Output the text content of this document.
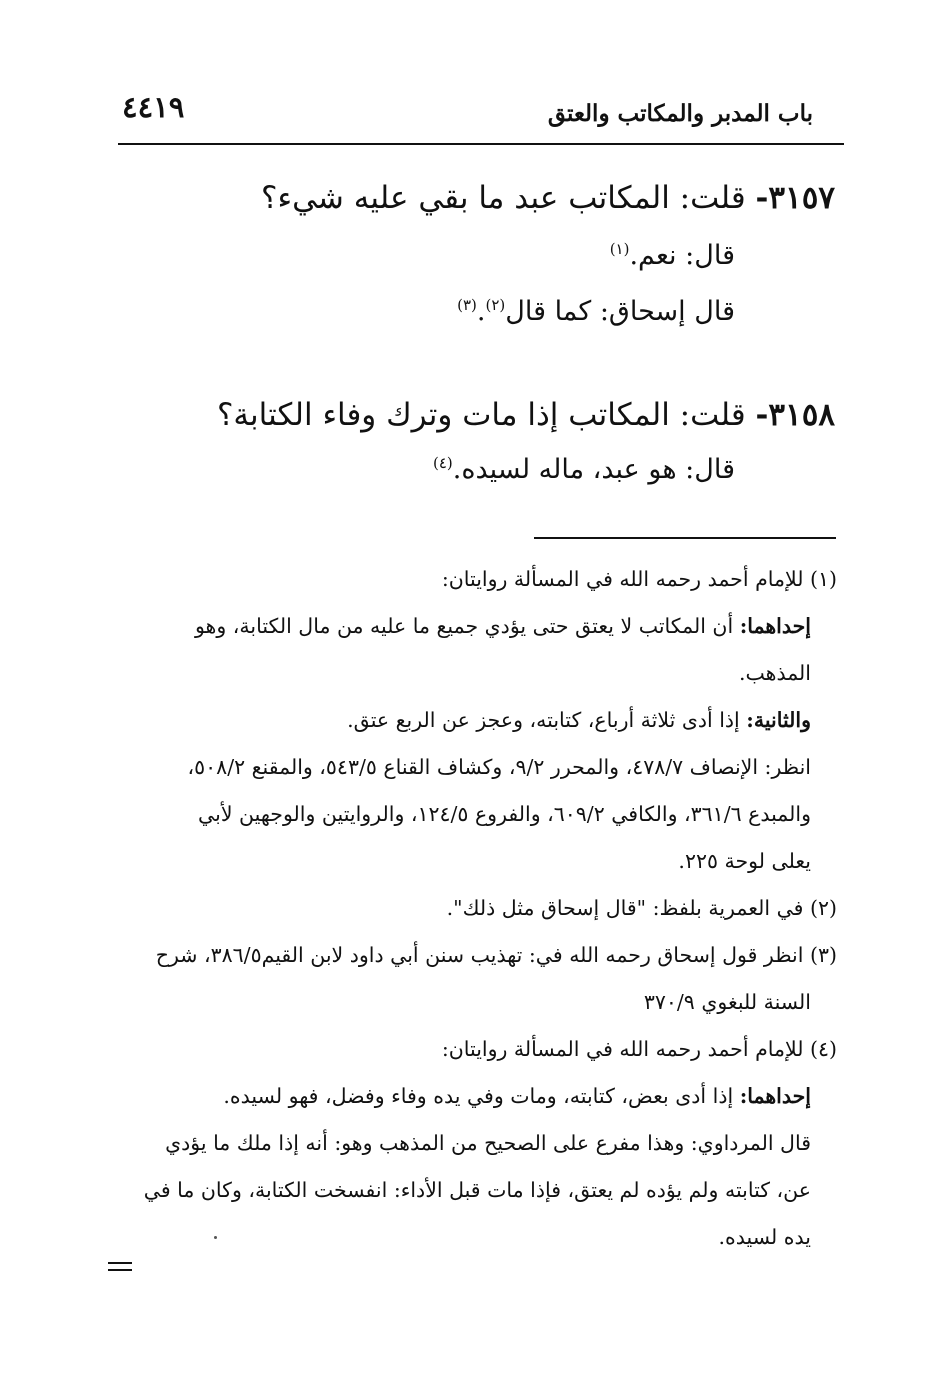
٤٤١٩	باب المدبر والمكاتب والعتق
٣١٥٧- قلت: المكاتب عبد ما بقي عليه شيء؟
قال: نعم.$^{(١)}$
قال إسحاق: كما قال$^{(٢)}$.$^{(٣)}$
٣١٥٨- قلت: المكاتب إذا مات وترك وفاء الكتابة؟
قال: هو عبد، ماله لسيده.$^{(٤)}$
(١) للإمام أحمد رحمه الله في المسألة روايتان:
إحداهما: أن المكاتب لا يعتق حتى يؤدي جميع ما عليه من مال الكتابة، وهو
المذهب.
والثانية: إذا أدى ثلاثة أرباع، كتابته، وعجز عن الربع عتق.
انظر: الإنصاف ٤٧٨/٧، والمحرر ٩/٢، وكشاف القناع ٥٤٣/٥، والمقنع ٥٠٨/٢،
والمبدع ٣٦١/٦، والكافي ٦٠٩/٢، والفروع ١٢٤/٥، والروايتين والوجهين لأبي
يعلى لوحة ٢٢٥.
(٢) في العمرية بلفظ: "قال إسحاق مثل ذلك".
(٣) انظر قول إسحاق رحمه الله في: تهذيب سنن أبي داود لابن القيم٣٨٦/٥، شرح
السنة للبغوي ٣٧٠/٩
(٤) للإمام أحمد رحمه الله في المسألة روايتان:
إحداهما: إذا أدى بعض، كتابته، ومات وفي يده وفاء وفضل، فهو لسيده.
قال المرداوي: وهذا مفرع على الصحيح من المذهب وهو: أنه إذا ملك ما يؤدي
عن، كتابته ولم يؤده لم يعتق، فإذا مات قبل الأداء: انفسخت الكتابة، وكان ما في
يده لسيده.
